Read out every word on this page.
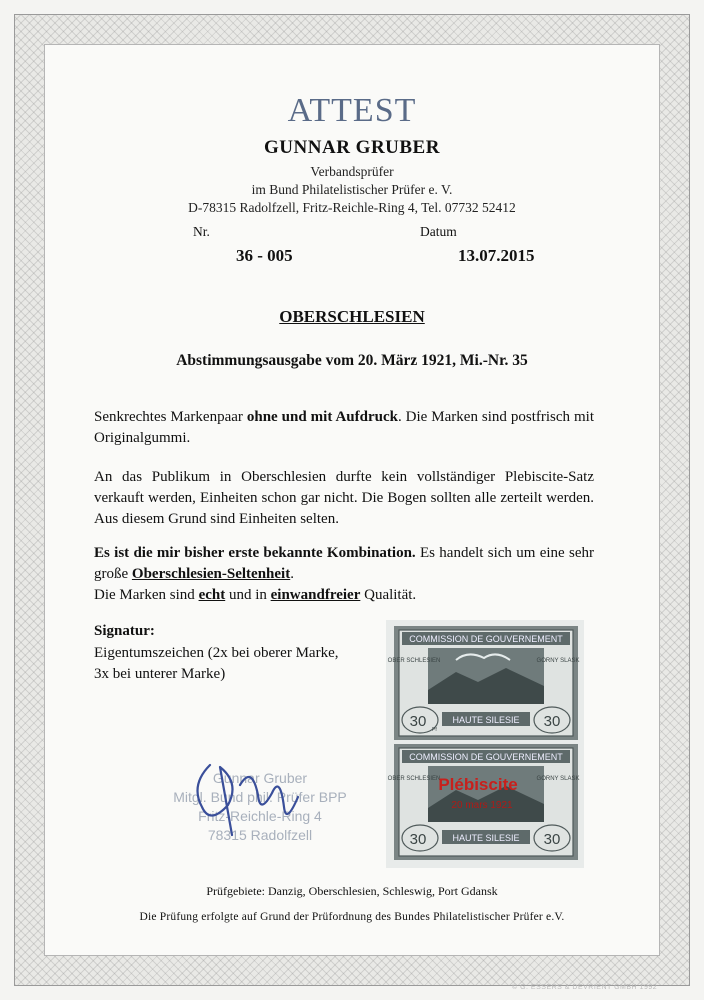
ATTEST
GUNNAR GRUBER
Verbandsprüfer
im Bund Philatelistischer Prüfer e. V.
D-78315 Radolfzell, Fritz-Reichle-Ring 4, Tel. 07732 52412
Nr.	Datum
36 - 005	13.07.2015
OBERSCHLESIEN
Abstimmungsausgabe vom 20. März 1921, Mi.-Nr. 35
Senkrechtes Markenpaar ohne und mit Aufdruck. Die Marken sind postfrisch mit Originalgummi.
An das Publikum in Oberschlesien durfte kein vollständiger Plebiscite-Satz verkauft werden, Einheiten schon gar nicht. Die Bogen sollten alle zerteilt werden. Aus diesem Grund sind Einheiten selten.
Es ist die mir bisher erste bekannte Kombination. Es handelt sich um eine sehr große Oberschlesien-Seltenheit.
Die Marken sind echt und in einwandfreier Qualität.
Signatur:
Eigentumszeichen (2x bei oberer Marke, 3x bei unterer Marke)
Gunnar Gruber
Mitgl. Bund phil. Prüfer BPP
Fritz-Reichle-Ring 4
78315 Radolfzell
COMMISSION DE GOUVERNEMENT
OBER SCHLESIEN	GORNY SLASK
30	30
Pf
HAUTE SILESIE
COMMISSION DE GOUVERNEMENT
OBER SCHLESIEN	GORNY SLASK
Plébiscite
20 mars 1921
30	30
HAUTE SILESIE
Prüfgebiete: Danzig, Oberschlesien, Schleswig, Port Gdansk
Die Prüfung erfolgte auf Grund der Prüfordnung des Bundes Philatelistischer Prüfer e.V.
© G. ESSERS & DEVRIENT GMBH 1992
